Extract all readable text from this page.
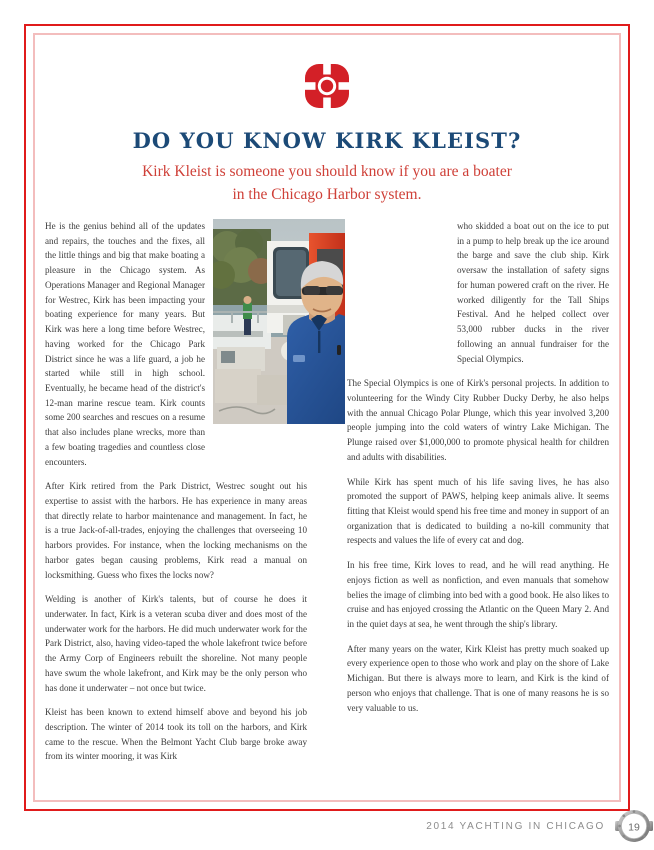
DO YOU KNOW KIRK KLEIST?
Kirk Kleist is someone you should know if you are a boater
in the Chicago Harbor system.

He is the genius behind all of the updates and repairs, the touches and the fixes, all the little things and big that make boating a pleasure in the Chicago system. As Operations Manager and Regional Manager for Westrec, Kirk has been impacting your boating experience for many years. But Kirk was here a long time before Westrec, having worked for the Chicago Park District since he was a life guard, a job he started while still in high school. Eventually, he became head of the district's 12-man marine rescue team. Kirk counts some 200 searches and rescues on a resume that also includes plane wrecks, more than a few boating tragedies and countless close encounters.

After Kirk retired from the Park District, Westrec sought out his expertise to assist with the harbors. He has experience in many areas that directly relate to harbor maintenance and management. In fact, he is a true Jack-of-all-trades, enjoying the challenges that overseeing 10 harbors provides. For instance, when the locking mechanisms on the harbor gates began causing problems, Kirk read a manual on locksmithing. Guess who fixes the locks now?

Welding is another of Kirk's talents, but of course he does it underwater. In fact, Kirk is a veteran scuba diver and does most of the underwater work for the harbors. He did much underwater work for the Park District, also, having video-taped the whole lakefront twice before the Army Corp of Engineers rebuilt the shoreline. Not many people have swum the whole lakefront, and Kirk may be the only person who has done it underwater – not once but twice.

Kleist has been known to extend himself above and beyond his job description. The winter of 2014 took its toll on the harbors, and Kirk came to the rescue. When the Belmont Yacht Club barge broke away from its winter mooring, it was Kirk

who skidded a boat out on the ice to put in a pump to help break up the ice around the barge and save the club ship. Kirk oversaw the installation of safety signs for human powered craft on the river. He worked diligently for the Tall Ships Festival. And he helped collect over 53,000 rubber ducks in the river following an annual fundraiser for the Special Olympics.

The Special Olympics is one of Kirk's personal projects. In addition to volunteering for the Windy City Rubber Ducky Derby, he also helps with the annual Chicago Polar Plunge, which this year involved 3,200 people jumping into the cold waters of wintry Lake Michigan. The Plunge raised over $1,000,000 to promote physical health for children and adults with disabilities.

While Kirk has spent much of his life saving lives, he has also promoted the support of PAWS, helping keep animals alive. It seems fitting that Kleist would spend his free time and money in support of an organization that is dedicated to building a no-kill community that respects and values the life of every cat and dog.

In his free time, Kirk loves to read, and he will read anything. He enjoys fiction as well as nonfiction, and even manuals that somehow belies the image of climbing into bed with a good book. He also likes to cruise and has enjoyed crossing the Atlantic on the Queen Mary 2. And in the quiet days at sea, he went through the ship's library.

After many years on the water, Kirk Kleist has pretty much soaked up every experience open to those who work and play on the shore of Lake Michigan. But there is always more to learn, and Kirk is the kind of person who enjoys that challenge. That is one of many reasons he is so very valuable to us.

2014 YACHTING IN CHICAGO 19
